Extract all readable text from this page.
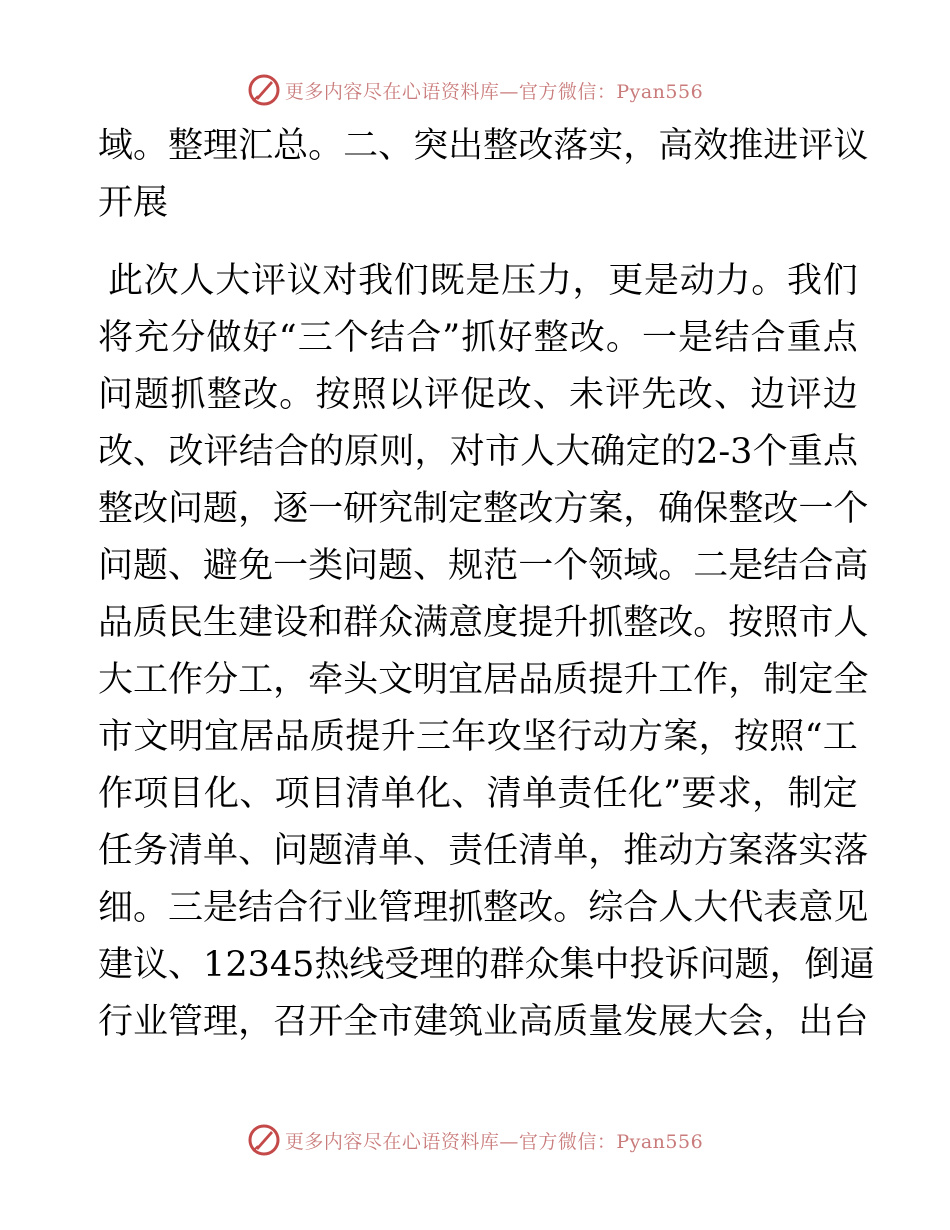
更多内容尽在心语资料库—官方微信：Pyan556
域 。 整 理 汇 总 。 二 、 突 出 整 改 落 实 ， 高 效 推 进 评 议
开展
此 次 人 大 评 议 对 我 们 既 是 压 力 ， 更 是 动 力 。 我 们
将 充 分 做 好 “ 三 个 结 合 ” 抓 好 整 改 。 一 是 结 合 重 点
问 题 抓 整 改 。 按 照 以 评 促 改 、 未 评 先 改 、 边 评 边
改 、 改 评 结 合 的 原 则 ， 对 市 人 大 确 定 的 2-3 个 重 点
整 改 问 题 ， 逐 一 研 究 制 定 整 改 方 案 ， 确 保 整 改 一 个
问 题 、 避 免 一 类 问 题 、 规 范 一 个 领 域 。 二 是 结 合 高
品 质 民 生 建 设 和 群 众 满 意 度 提 升 抓 整 改 。 按 照 市 人
大 工 作 分 工 ， 牵 头 文 明 宜 居 品 质 提 升 工 作 ， 制 定 全
市 文 明 宜 居 品 质 提 升 三 年 攻 坚 行 动 方 案 ， 按 照 “ 工
作 项 目 化 、 项 目 清 单 化 、 清 单 责 任 化 ” 要 求 ， 制 定
任 务 清 单 、 问 题 清 单 、 责 任 清 单 ， 推 动 方 案 落 实 落
细 。 三 是 结 合 行 业 管 理 抓 整 改 。 综 合 人 大 代 表 意 见
建 议 、 12345 热 线 受 理 的 群 众 集 中 投 诉 问 题 ， 倒 逼
行 业 管 理 ， 召 开 全 市 建 筑 业 高 质 量 发 展 大 会 ， 出 台
更多内容尽在心语资料库—官方微信：Pyan556
